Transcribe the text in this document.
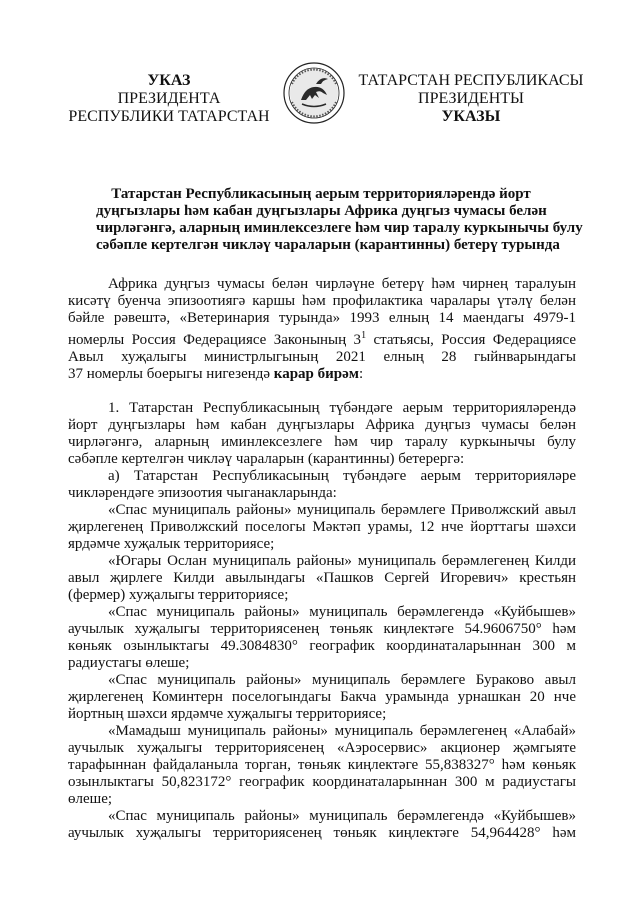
УКАЗ
ПРЕЗИДЕНТА
РЕСПУБЛИКИ ТАТАРСТАН
ТАТАРСТАН РЕСПУБЛИКАСЫ
ПРЕЗИДЕНТЫ
УКАЗЫ
Татарстан Республикасының аерым территорияләрендә йорт
дуңгызлары һәм кабан дуңгызлары Африка дуңгыз чумасы белән
чирләгәнгә, аларның иминлексезлеге һәм чир таралу куркынычы булу
сәбәпле кертелгән чикләү чараларын (карантинны) бетерү турында
Африка дуңгыз чумасы белән чирләүне бетерү һәм чирнең таралуын
кисәтү буенча эпизоотиягә каршы һәм профилактика чаралары үтәлү белән
бәйле рәвештә, «Ветеринария турында» 1993 елның 14 маендагы 4979-1
номерлы Россия Федерациясе Законының $3^1$ статьясы, Россия Федерациясе
Авыл хуҗалыгы министрлыгының 2021 елның 28 гыйнварындагы
37 номерлы боерыгы нигезендә карар бирәм:
1. Татарстан Республикасының түбәндәге аерым территорияләрендә
йорт дуңгызлары һәм кабан дуңгызлары Африка дуңгыз чумасы белән
чирләгәнгә, аларның иминлексезлеге һәм чир таралу куркынычы булу
сәбәпле кертелгән чикләү чараларын (карантинны) бетерергә:
а) Татарстан Республикасының түбәндәге аерым территорияләре
чикләрендәге эпизоотия чыганакларында:
«Спас муниципаль районы» муниципаль берәмлеге Приволжский авыл
җирлегенең Приволжский поселогы Мәктәп урамы, 12 нче йорттагы шәхси
ярдәмче хуҗалык территориясе;
«Югары Ослан муниципаль районы» муниципаль берәмлегенең Килди
авыл җирлеге Килди авылындагы «Пашков Сергей Игоревич» крестьян
(фермер) хуҗалыгы территориясе;
«Спас муниципаль районы» муниципаль берәмлегендә «Куйбышев»
аучылык хуҗалыгы территориясенең төньяк киңлектәге 54.9606750° һәм
көньяк озынлыктагы 49.3084830° географик координаталарыннан 300 м
радиустагы өлеше;
«Спас муниципаль районы» муниципаль берәмлеге Бураково авыл
җирлегенең Коминтерн поселогындагы Бакча урамында урнашкан 20 нче
йортның шәхси ярдәмче хуҗалыгы территориясе;
«Мамадыш муниципаль районы» муниципаль берәмлегенең «Алабай»
аучылык хуҗалыгы территориясенең «Аэросервис» акционер җәмгыяте
тарафыннан файдаланыла торган, төньяк киңлектәге 55,838327° һәм көньяк
озынлыктагы 50,823172° географик координаталарыннан 300 м радиустагы
өлеше;
«Спас муниципаль районы» муниципаль берәмлегендә «Куйбышев»
аучылык хуҗалыгы территориясенең төньяк киңлектәге 54,964428° һәм
